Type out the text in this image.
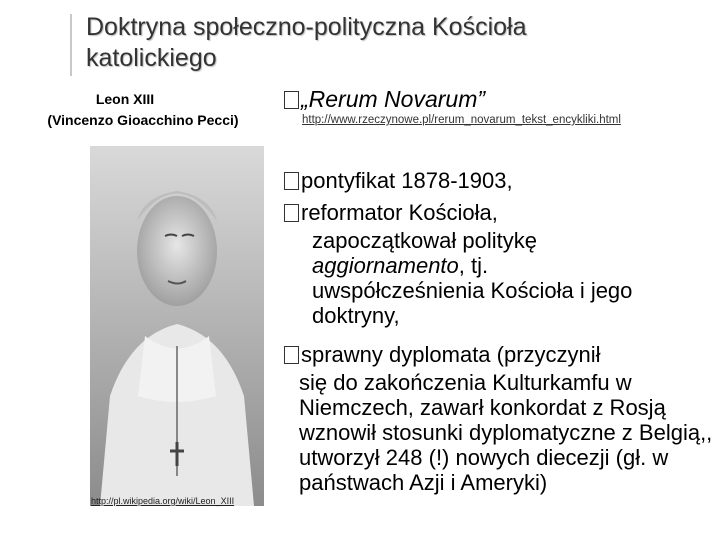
Doktryna społeczno-polityczna Kościoła katolickiego
Leon XIII
(Vincenzo Gioacchino Pecci)
http://pl.wikipedia.org/wiki/Leon_XIII
„Rerum Novarum”
http://www.rzeczynowe.pl/rerum_novarum_tekst_encykliki.html
pontyfikat 1878-1903,
reformator Kościoła,
zapoczątkował politykę
aggiornamento, tj.
uwspółcześnienia Kościoła i jego doktryny,
sprawny dyplomata (przyczynił
się do zakończenia Kulturkamfu w Niemczech, zawarł konkordat z Rosją wznowił stosunki dyplomatyczne z Belgią,, utworzył 248 (!) nowych diecezji (gł. w państwach Azji i Ameryki)
